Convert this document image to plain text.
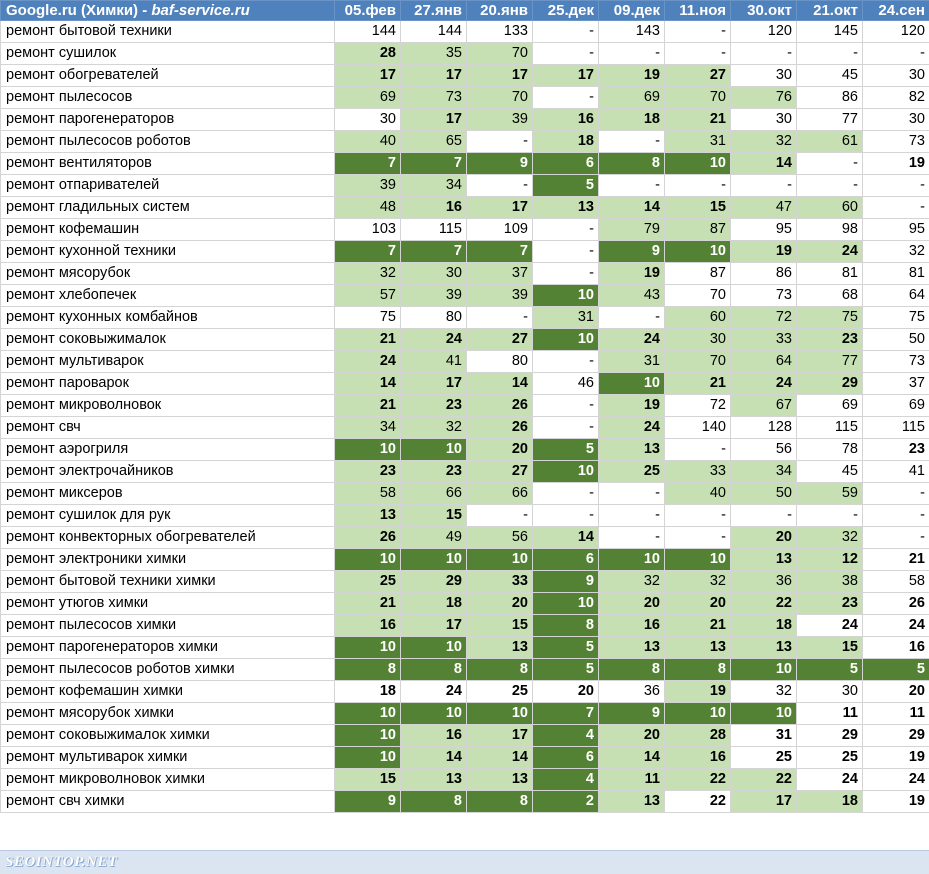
Google.ru (Химки) - baf-service.ru	05.фев	27.янв	20.янв	25.дек	09.дек	11.ноя	30.окт	21.окт	24.сен
ремонт бытовой техники	144	144	133	-	143	-	120	145	120
ремонт сушилок	28	35	70	-	-	-	-	-	-
ремонт обогревателей	17	17	17	17	19	27	30	45	30
ремонт пылесосов	69	73	70	-	69	70	76	86	82
ремонт парогенераторов	30	17	39	16	18	21	30	77	30
ремонт пылесосов роботов	40	65	-	18	-	31	32	61	73
ремонт вентиляторов	7	7	9	6	8	10	14	-	19
ремонт отпаривателей	39	34	-	5	-	-	-	-	-
ремонт гладильных систем	48	16	17	13	14	15	47	60	-
ремонт кофемашин	103	115	109	-	79	87	95	98	95
ремонт кухонной техники	7	7	7	-	9	10	19	24	32
ремонт мясорубок	32	30	37	-	19	87	86	81	81
ремонт хлебопечек	57	39	39	10	43	70	73	68	64
ремонт кухонных комбайнов	75	80	-	31	-	60	72	75	75
ремонт соковыжималок	21	24	27	10	24	30	33	23	50
ремонт мультиварок	24	41	80	-	31	70	64	77	73
ремонт пароварок	14	17	14	46	10	21	24	29	37
ремонт микроволновок	21	23	26	-	19	72	67	69	69
ремонт свч	34	32	26	-	24	140	128	115	115
ремонт аэрогриля	10	10	20	5	13	-	56	78	23
ремонт электрочайников	23	23	27	10	25	33	34	45	41
ремонт миксеров	58	66	66	-	-	40	50	59	-
ремонт сушилок для рук	13	15	-	-	-	-	-	-	-
ремонт конвекторных обогревателей	26	49	56	14	-	-	20	32	-
ремонт электроники химки	10	10	10	6	10	10	13	12	21
ремонт бытовой техники химки	25	29	33	9	32	32	36	38	58
ремонт утюгов химки	21	18	20	10	20	20	22	23	26
ремонт пылесосов химки	16	17	15	8	16	21	18	24	24
ремонт парогенераторов химки	10	10	13	5	13	13	13	15	16
ремонт пылесосов роботов химки	8	8	8	5	8	8	10	5	5
ремонт кофемашин химки	18	24	25	20	36	19	32	30	20
ремонт мясорубок химки	10	10	10	7	9	10	10	11	11
ремонт соковыжималок химки	10	16	17	4	20	28	31	29	29
ремонт мультиварок химки	10	14	14	6	14	16	25	25	19
ремонт микроволновок химки	15	13	13	4	11	22	22	24	24
ремонт свч химки	9	8	8	2	13	22	17	18	19
SEOINTOP.NET
